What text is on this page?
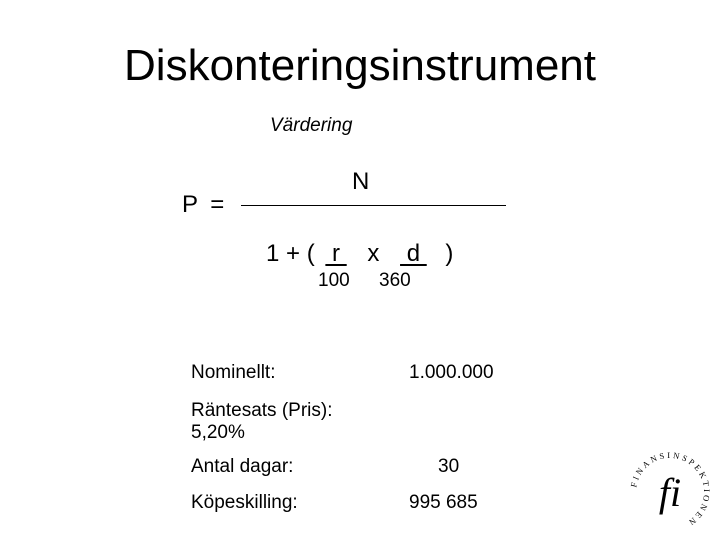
Diskonteringsinstrument
Värdering
P =
N
1 + (  r  x  d  )
100 360
Nominellt:	1.000.000
Räntesats (Pris):
5,20%
Antal dagar:	30
Köpeskilling:	995 685
FINANSINSPEKTIONEN
fi
